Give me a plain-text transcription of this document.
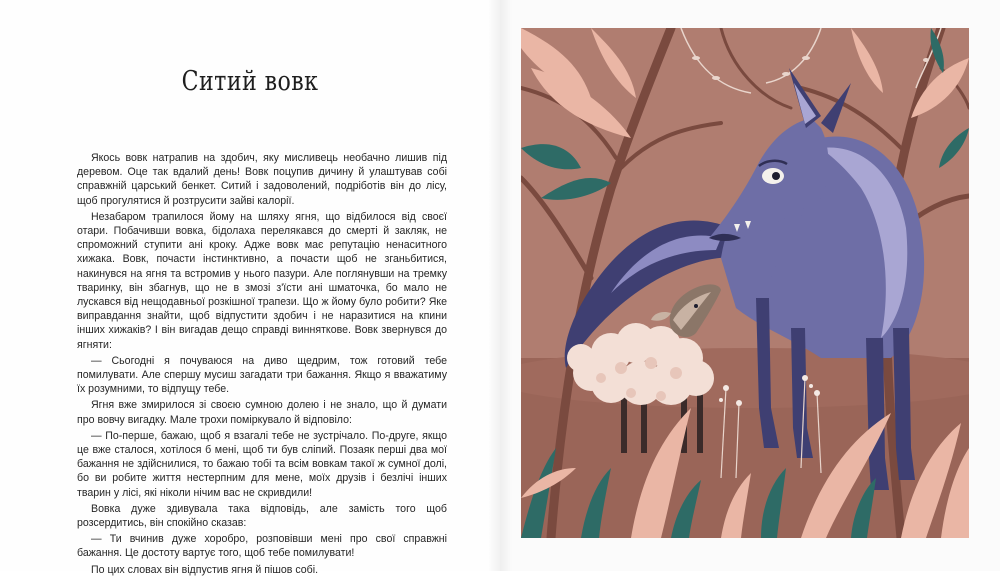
Ситий вовк

Якось вовк натрапив на здобич, яку мисливець необачно лишив під деревом. Оце так вдалий день! Вовк поцупив дичину й улаштував собі справжній царський бенкет. Ситий і задоволений, подріботів він до лісу, щоб прогулятися й розтрусити зайві калорії.

Незабаром трапилося йому на шляху ягня, що відбилося від своєї отари. Побачивши вовка, бідолаха перелякався до смерті й закляк, не спроможний ступити ані кроку. Адже вовк має репутацію ненаситного хижака. Вовк, почасти інстинктивно, а почасти щоб не зганьбитися, накинувся на ягня та встромив у нього пазури. Але поглянувши на тремку тваринку, він збагнув, що не в змозі з'їсти ані шматочка, бо мало не лускався від нещодавньої розкішної трапези. Що ж йому було робити? Яке виправдання знайти, щоб відпустити здобич і не наразитися на кпини інших хижаків? І він вигадав дещо справді винняткове. Вовк звернувся до ягняти:

— Сьогодні я почуваюся на диво щедрим, тож готовий тебе помилувати. Але спершу мусиш загадати три бажання. Якщо я вважатиму їх розумними, то відпущу тебе.

Ягня вже змирилося зі своєю сумною долею і не знало, що й думати про вовчу вигадку. Мале трохи поміркувало й відповіло:

— По-перше, бажаю, щоб я взагалі тебе не зустрічало. По-друге, якщо це вже сталося, хотілося б мені, щоб ти був сліпий. Позаяк перші два мої бажання не здійснилися, то бажаю тобі та всім вовкам такої ж сумної долі, бо ви робите життя нестерпним для мене, моїх друзів і безлічі інших тварин у лісі, які ніколи нічим вас не скривдили!

Вовка дуже здивувала така відповідь, але замість того щоб розсердитись, він спокійно сказав:

— Ти вчинив дуже хоробро, розповівши мені про свої справжні бажання. Це достоту вартує того, щоб тебе помилувати!

По цих словах він відпустив ягня й пішов собі.
